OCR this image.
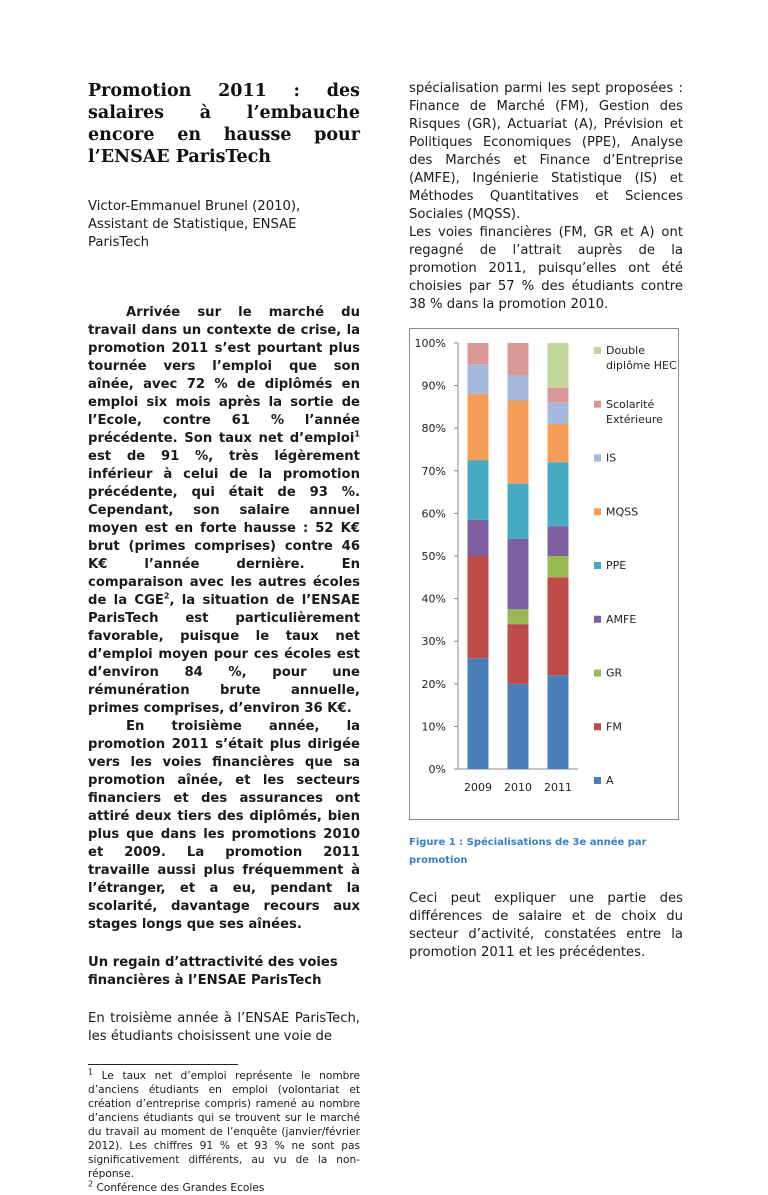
Promotion 2011 : des salaires à l’embauche encore en hausse pour l’ENSAE ParisTech

Victor-Emmanuel Brunel (2010), Assistant de Statistique, ENSAE ParisTech

Arrivée sur le marché du travail dans un contexte de crise, la promotion 2011 s’est pourtant plus tournée vers l’emploi que son aînée, avec 72 % de diplômés en emploi six mois après la sortie de l’Ecole, contre 61 % l’année précédente. Son taux net d’emploi$^1$ est de 91 %, très légèrement inférieur à celui de la promotion précédente, qui était de 93 %. Cependant, son salaire annuel moyen est en forte hausse : 52 K€ brut (primes comprises) contre 46 K€ l’année dernière. En comparaison avec les autres écoles de la CGE$^2$, la situation de l’ENSAE ParisTech est particulièrement favorable, puisque le taux net d’emploi moyen pour ces écoles est d’environ 84 %, pour une rémunération brute annuelle, primes comprises, d’environ 36 K€.

En troisième année, la promotion 2011 s’était plus dirigée vers les voies financières que sa promotion aînée, et les secteurs financiers et des assurances ont attiré deux tiers des diplômés, bien plus que dans les promotions 2010 et 2009. La promotion 2011 travaille aussi plus fréquemment à l’étranger, et a eu, pendant la scolarité, davantage recours aux stages longs que ses aînées.

Un regain d’attractivité des voies financières à l’ENSAE ParisTech

En troisième année à l’ENSAE ParisTech, les étudiants choisissent une voie de

$^1$ Le taux net d’emploi représente le nombre d’anciens étudiants en emploi (volontariat et création d’entreprise compris) ramené au nombre d’anciens étudiants qui se trouvent sur le marché du travail au moment de l’enquête (janvier/février 2012). Les chiffres 91 % et 93 % ne sont pas significativement différents, au vu de la non-réponse.

$^2$ Conférence des Grandes Ecoles

spécialisation parmi les sept proposées : Finance de Marché (FM), Gestion des Risques (GR), Actuariat (A), Prévision et Politiques Economiques (PPE), Analyse des Marchés et Finance d’Entreprise (AMFE), Ingénierie Statistique (IS) et Méthodes Quantitatives et Sciences Sociales (MQSS).

Les voies financières (FM, GR et A) ont regagné de l’attrait auprès de la promotion 2011, puisqu’elles ont été choisies par 57 % des étudiants contre 38 % dans la promotion 2010.

0%
10%
20%
30%
40%
50%
60%
70%
80%
90%
100%
2009 2010 2011
Double diplôme HEC
Scolarité Extérieure
IS
MQSS
PPE
AMFE
GR
FM
A

Figure 1 : Spécialisations de 3e année par promotion

Ceci peut expliquer une partie des différences de salaire et de choix du secteur d’activité, constatées entre la promotion 2011 et les précédentes.
